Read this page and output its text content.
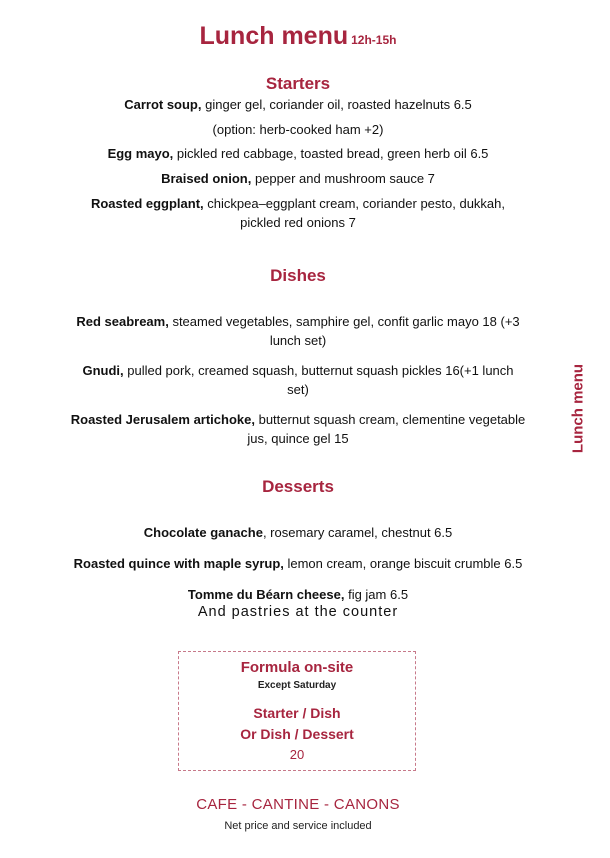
Lunch menu 12h-15h
Lunch menu
Starters
Carrot soup, ginger gel, coriander oil, roasted hazelnuts 6.5
(option: herb-cooked ham +2)
Egg mayo, pickled red cabbage, toasted bread, green herb oil 6.5
Braised onion, pepper and mushroom sauce 7
Roasted eggplant, chickpea–eggplant cream, coriander pesto, dukkah, pickled red onions 7
Dishes
Red seabream, steamed vegetables, samphire gel, confit garlic mayo 18 (+3 lunch set)
Gnudi, pulled pork, creamed squash, butternut squash pickles 16(+1 lunch set)
Roasted Jerusalem artichoke, butternut squash cream, clementine vegetable jus, quince gel 15
Desserts
Chocolate ganache, rosemary caramel, chestnut 6.5
Roasted quince with maple syrup, lemon cream, orange biscuit crumble 6.5
Tomme du Béarn cheese, fig jam 6.5
And pastries at the counter
Formula on-site
Except Saturday
Starter / Dish
Or Dish / Dessert
20
CAFE - CANTINE - CANONS
Net price and service included
